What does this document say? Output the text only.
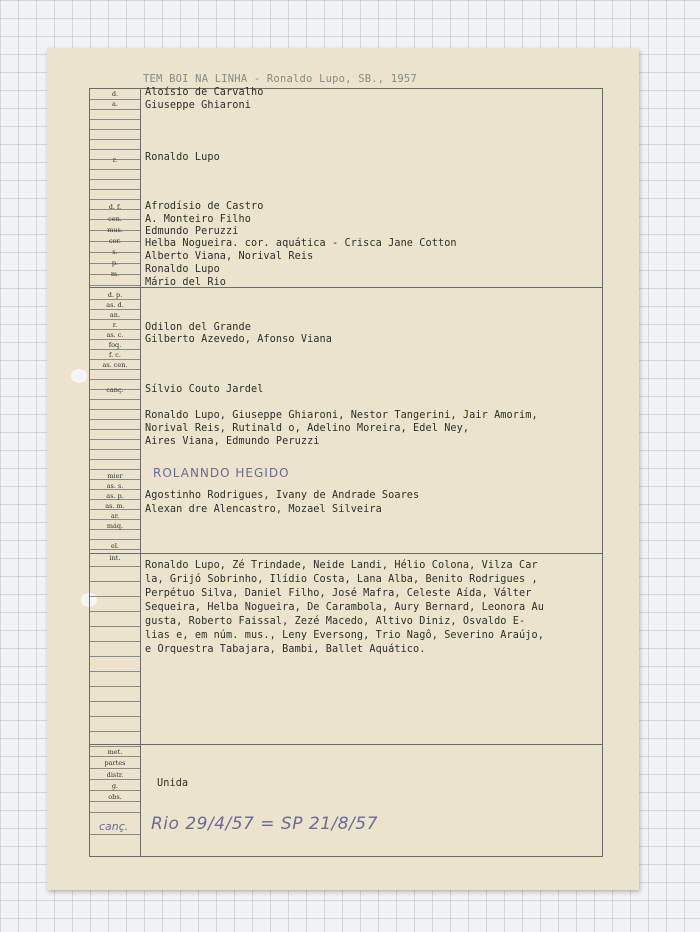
TEM BOI NA LINHA - Ronaldo Lupo, SB., 1957
d.
a.
r.
d. f.
cen.
mus.
cor.
s.
p.
m.
d. p.
as. d.
an.
r.
as. c.
foq.
f. c.
as. cen.
canç.
mier
as. s.
as. p.
as. m.
ar.
máq.
el.
int.
met.
partes
distr.
g.
obs.
Aloísio de Carvalho
Giuseppe Ghiaroni
Ronaldo Lupo
Afrodísio de Castro
A. Monteiro Filho
Edmundo Peruzzi
Helba Nogueira. cor. aquática - Crisca Jane Cotton
Alberto Viana, Norival Reis
Ronaldo Lupo
Mário del Rio
Odilon del Grande
Gilberto Azevedo, Afonso Viana
Sílvio Couto Jardel
Ronaldo Lupo, Giuseppe Ghiaroni, Nestor Tangerini, Jair Amorim,
Norival Reis, Rutinald o, Adelino Moreira, Edel Ney,
Aires Viana, Edmundo Peruzzi
ROLANNDO HEGIDO
Agostinho Rodrigues, Ivany de Andrade Soares
Alexan dre Alencastro, Mozael Silveira
Ronaldo Lupo, Zé Trindade, Neide Landi, Hélio Colona, Vilza Car
la, Grijó Sobrinho, Ilídio Costa, Lana Alba, Benito Rodrigues ,
Perpétuo Silva, Daniel Filho, José Mafra, Celeste Aída, Válter
Sequeira, Helba Nogueira, De Carambola, Aury Bernard, Leonora Au
gusta, Roberto Faissal, Zezé Macedo, Altivo Diniz, Osvaldo E-
lias e, em núm. mus., Leny Eversong, Trio Nagô, Severino Araújo,
e Orquestra Tabajara, Bambi, Ballet Aquático.
Unida
canç. Rio 29/4/57 = SP 21/8/57
